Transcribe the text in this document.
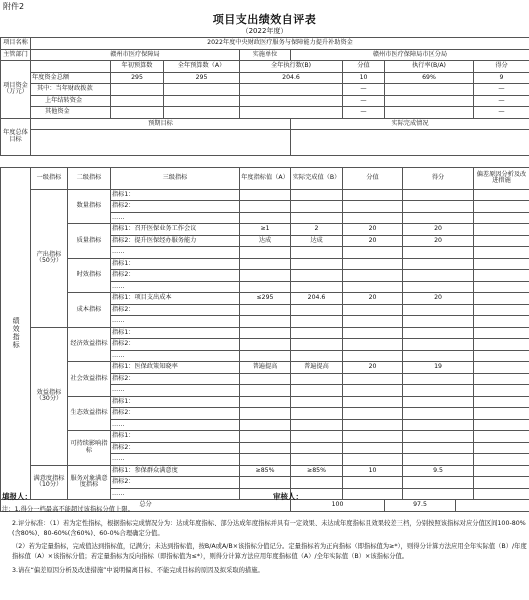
附件2
项目支出绩效自评表
（2022年度）
项目名称	2022年度中央财政医疗服务与保障能力提升补助资金										
主管部门	赣州市医疗保障局				实施单位	赣州市医疗保障局市区分局					
项目资金（万元）			年初预算数	全年预算数（A）	全年执行数(B)		分值	执行率(B/A)			得分
	年度资金总额		295	295	204.6		10	69%			9
	其中：当年财政拨款						—				—
	上年结转资金						—				—
	其他资金						—				—
年度总体目标	预期目标					实际完成情况					

绩效指标	一级指标	二级指标	三级指标		年度指标值（A）	实际完成值（B）	分值		得分		偏差原因分析及改进措施
	产出指标（50分）	数量指标	指标1：								
			指标2：								
			……								
		质量指标	指标1：召开医保业务工作会议		≥1	2	20		20		
			指标2：提升医保经办服务能力		达成	达成	20		20		
			……								
		时效指标	指标1：								
			指标2：								
			……								
		成本指标	指标1：项目支出成本		≤295	204.6	20		20		
			指标2：								
			……								
	效益指标（30分）	经济效益指标	指标1：								
			指标2：								
			……								
		社会效益指标	指标1：医保政策知晓率		普遍提高	普遍提高	20		19		
			指标2：								
			……								
		生态效益指标	指标1：								
			指标2：								
			……								
		可持续影响指标	指标1：								
			指标2：								
			……								
	满意度指标（10分）	服务对象满意度指标	指标1：参保群众满意度		≥85%	≥85%	10		9.5		
			指标2：								
			……								
总分						100		97.5			
填报人：	审核人：

注：1.得分一档最高不能超过该指标分值上限。

2.评分标准：（1）若为定性指标，根据指标完成情况分为：达成年度指标、部分达成年度指标并具有一定效果、未达成年度指标且效果较差三档，分别按照该指标对应分值区间100-80%(含80%)、80-60%(含60%)、60-0%合理确定分值。

（2）若为定量指标，完成值达到指标值，记满分；未达到指标值，按B/A或A/B×该指标分值记分。定量指标若为正向指标（即指标值为≥*），则得分计算方法应用全年实际值（B）/年度指标值（A）×该指标分值；若定量指标为反向指标（即指标值为≤*），则得分计算方法应用年度指标值（A）/全年实际值（B）×该指标分值。

3.请在“偏差原因分析及改进措施”中说明偏离目标、不能完成目标的原因及拟采取的措施。
